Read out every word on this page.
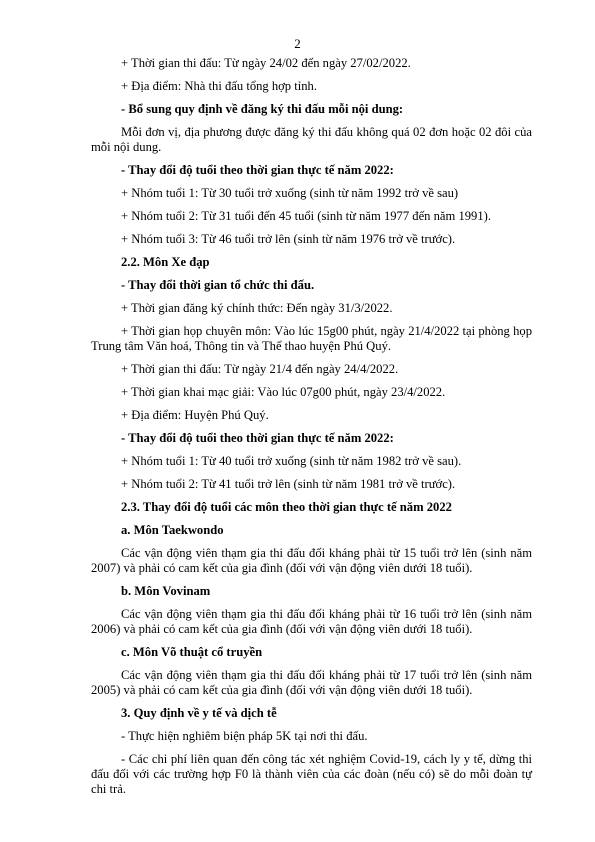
2

+ Thời gian thi đấu: Từ ngày 24/02 đến ngày 27/02/2022.

+ Địa điểm: Nhà thi đấu tổng hợp tỉnh.

- Bổ sung quy định về đăng ký thi đấu mỗi nội dung:

Mỗi đơn vị, địa phương được đăng ký thi đấu không quá 02 đơn hoặc 02 đôi của mỗi nội dung.

- Thay đổi độ tuổi theo thời gian thực tế năm 2022:

+ Nhóm tuổi 1: Từ 30 tuổi trở xuống (sinh từ năm 1992 trở về sau)

+ Nhóm tuổi 2: Từ 31 tuổi đến 45 tuổi (sinh từ năm 1977 đến năm 1991).

+ Nhóm tuổi 3: Từ 46 tuổi trở lên (sinh từ năm 1976 trở về trước).

2.2. Môn Xe đạp

- Thay đổi thời gian tổ chức thi đấu.

+ Thời gian đăng ký chính thức: Đến ngày 31/3/2022.

+ Thời gian họp chuyên môn: Vào lúc 15g00 phút, ngày 21/4/2022 tại phòng họp Trung tâm Văn hoá, Thông tin và Thể thao huyện Phú Quý.

+ Thời gian thi đấu: Từ ngày 21/4 đến ngày 24/4/2022.

+ Thời gian khai mạc giải: Vào lúc 07g00 phút, ngày 23/4/2022.

+ Địa điểm: Huyện Phú Quý.

- Thay đổi độ tuổi theo thời gian thực tế năm 2022:

+ Nhóm tuổi 1: Từ 40 tuổi trở xuống (sinh từ năm 1982 trở về sau).

+ Nhóm tuổi 2: Từ 41 tuổi trở lên (sinh từ năm 1981 trở về trước).

2.3. Thay đổi độ tuổi các môn theo thời gian thực tế năm 2022

a. Môn Taekwondo

Các vận động viên thạm gia thi đấu đối kháng phải từ 15 tuổi trở lên (sinh năm 2007) và phải có cam kết của gia đình (đối với vận động viên dưới 18 tuổi).

b. Môn Vovinam

Các vận động viên thạm gia thi đấu đối kháng phải từ 16 tuổi trở lên (sinh năm 2006) và phải có cam kết của gia đình (đối với vận động viên dưới 18 tuổi).

c. Môn Võ thuật cổ truyền

Các vận động viên thạm gia thi đấu đối kháng phải từ 17 tuổi trở lên (sinh năm 2005) và phải có cam kết của gia đình (đối với vận động viên dưới 18 tuổi).

3. Quy định về y tế và dịch tễ

- Thực hiện nghiêm biện pháp 5K tại nơi thi đấu.

- Các chi phí liên quan đến công tác xét nghiệm Covid-19, cách ly y tế, dừng thi đấu đối với các trường hợp F0 là thành viên của các đoàn (nếu có) sẽ do mỗi đoàn tự chi trả.
